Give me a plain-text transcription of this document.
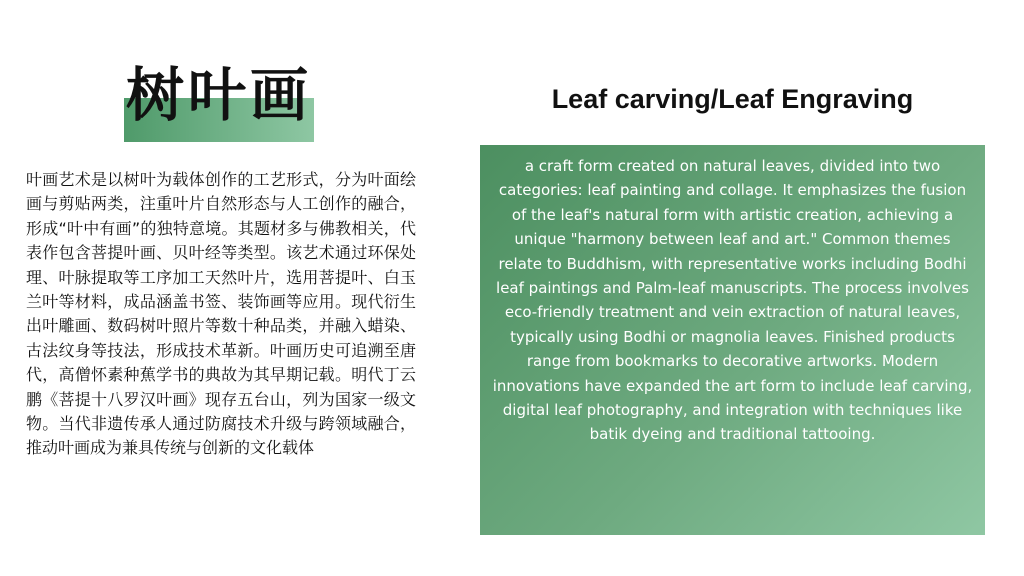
树叶画

叶画艺术是以树叶为载体创作的工艺形式，分为叶面绘画与剪贴两类，注重叶片自然形态与人工创作的融合，形成“叶中有画”的独特意境。其题材多与佛教相关，代表作包含菩提叶画、贝叶经等类型。该艺术通过环保处理、叶脉提取等工序加工天然叶片，选用菩提叶、白玉兰叶等材料，成品涵盖书签、装饰画等应用。现代衍生出叶雕画、数码树叶照片等数十种品类，并融入蜡染、古法纹身等技法，形成技术革新。叶画历史可追溯至唐代，高僧怀素种蕉学书的典故为其早期记载。明代丁云鹏《菩提十八罗汉叶画》现存五台山，列为国家一级文物。当代非遗传承人通过防腐技术升级与跨领域融合，推动叶画成为兼具传统与创新的文化载体

Leaf carving/Leaf Engraving

a craft form created on natural leaves, divided into two categories: leaf painting and collage. It emphasizes the fusion of the leaf's natural form with artistic creation, achieving a unique "harmony between leaf and art." Common themes relate to Buddhism, with representative works including Bodhi leaf paintings and Palm-leaf manuscripts. The process involves eco-friendly treatment and vein extraction of natural leaves, typically using Bodhi or magnolia leaves. Finished products range from bookmarks to decorative artworks. Modern innovations have expanded the art form to include leaf carving, digital leaf photography, and integration with techniques like batik dyeing and traditional tattooing.
